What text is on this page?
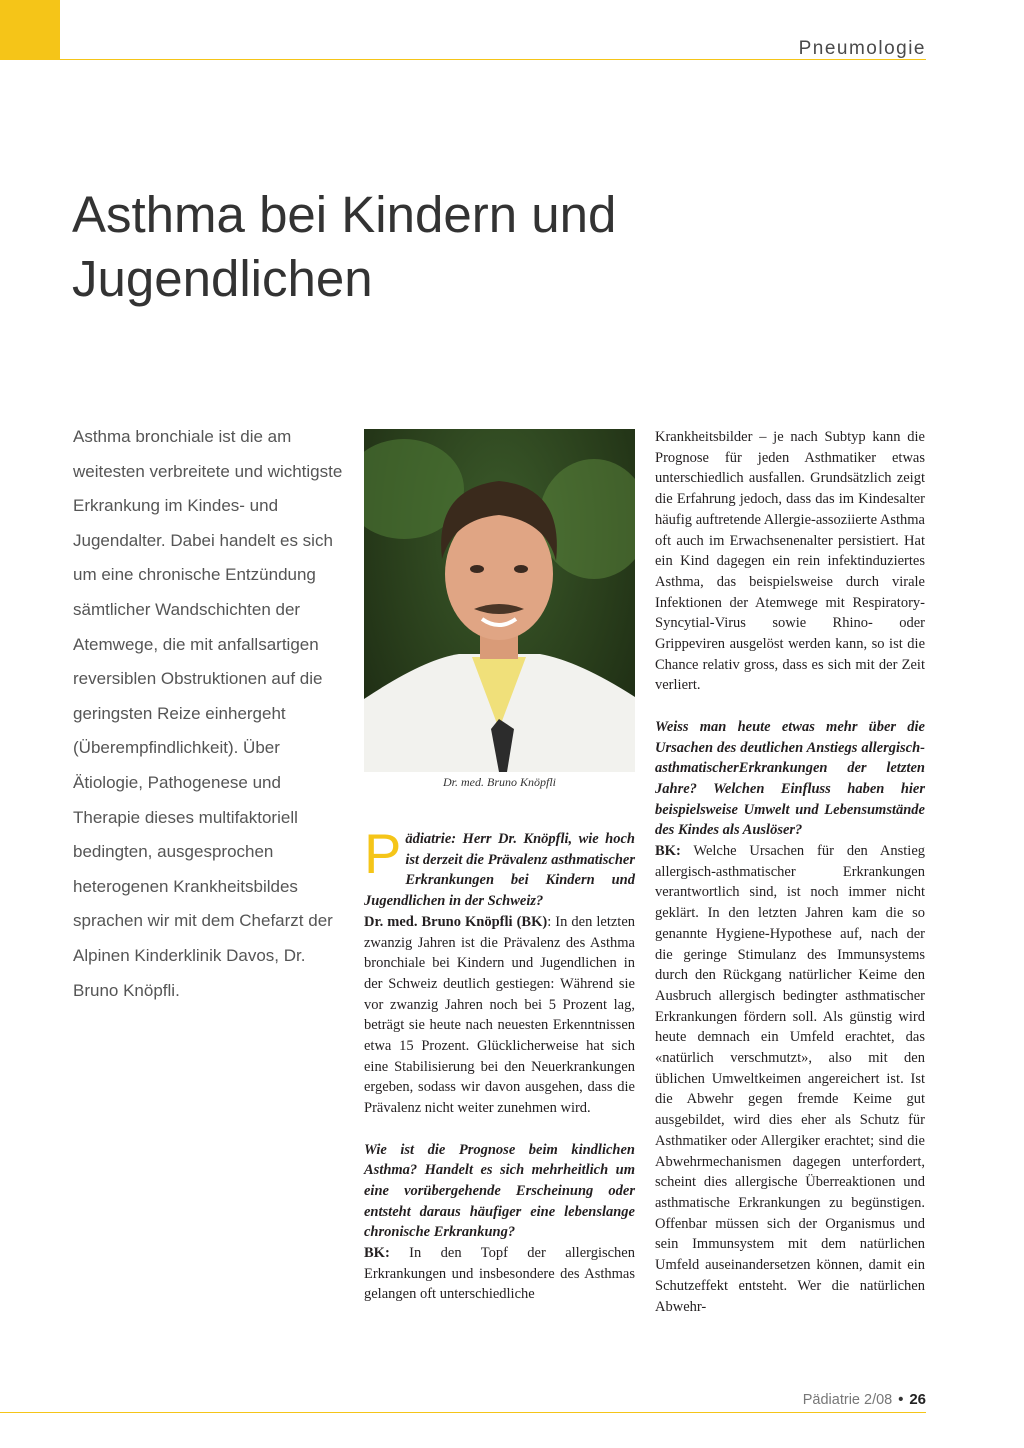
Pneumologie
Asthma bei Kindern und
Jugendlichen

Asthma bronchiale ist die am weitesten verbreitete und wichtigste Erkrankung im Kindes- und Jugendalter. Dabei handelt es sich um eine chronische Entzündung sämtlicher Wandschichten der Atemwege, die mit anfallsartigen reversiblen Obstruktionen auf die geringsten Reize einhergeht (Überempfindlichkeit). Über Ätiologie, Pathogenese und Therapie dieses multifaktoriell bedingten, ausgesprochen heterogenen Krankheitsbildes sprachen wir mit dem Chefarzt der Alpinen Kinderklinik Davos, Dr. Bruno Knöpfli.

Dr. med. Bruno Knöpfli

Pädiatrie: Herr Dr. Knöpfli, wie hoch ist derzeit die Prävalenz asthmatischer Erkrankungen bei Kindern und Jugendlichen in der Schweiz?

Dr. med. Bruno Knöpfli (BK): In den letzten zwanzig Jahren ist die Prävalenz des Asthma bronchiale bei Kindern und Jugendlichen in der Schweiz deutlich gestiegen: Während sie vor zwanzig Jahren noch bei 5 Prozent lag, beträgt sie heute nach neuesten Erkenntnissen etwa 15 Prozent. Glücklicherweise hat sich eine Stabilisierung bei den Neuerkrankungen ergeben, sodass wir davon ausgehen, dass die Prävalenz nicht weiter zunehmen wird.

Wie ist die Prognose beim kindlichen Asthma? Handelt es sich mehrheitlich um eine vorübergehende Erscheinung oder entsteht daraus häufiger eine lebenslange chronische Erkrankung?

BK: In den Topf der allergischen Erkrankungen und insbesondere des Asthmas gelangen oft unterschiedliche

Krankheitsbilder – je nach Subtyp kann die Prognose für jeden Asthmatiker etwas unterschiedlich ausfallen. Grundsätzlich zeigt die Erfahrung jedoch, dass das im Kindesalter häufig auftretende Allergie-assoziierte Asthma oft auch im Erwachsenenalter persistiert. Hat ein Kind dagegen ein rein infektinduziertes Asthma, das beispielsweise durch virale Infektionen der Atemwege mit Respiratory-Syncytial-Virus sowie Rhino- oder Grippeviren ausgelöst werden kann, so ist die Chance relativ gross, dass es sich mit der Zeit verliert.

Weiss man heute etwas mehr über die Ursachen des deutlichen Anstiegs allergisch-asthmatischerErkrankungen der letzten Jahre? Welchen Einfluss haben hier beispielsweise Umwelt und Lebensumstände des Kindes als Auslöser?

BK: Welche Ursachen für den Anstieg allergisch-asthmatischer Erkrankungen verantwortlich sind, ist noch immer nicht geklärt. In den letzten Jahren kam die so genannte Hygiene-Hypothese auf, nach der die geringe Stimulanz des Immunsystems durch den Rückgang natürlicher Keime den Ausbruch allergisch bedingter asthmatischer Erkrankungen fördern soll. Als günstig wird heute demnach ein Umfeld erachtet, das «natürlich verschmutzt», also mit den üblichen Umweltkeimen angereichert ist. Ist die Abwehr gegen fremde Keime gut ausgebildet, wird dies eher als Schutz für Asthmatiker oder Allergiker erachtet; sind die Abwehrmechanismen dagegen unterfordert, scheint dies allergische Überreaktionen und asthmatische Erkrankungen zu begünstigen. Offenbar müssen sich der Organismus und sein Immunsystem mit dem natürlichen Umfeld auseinandersetzen können, damit ein Schutzeffekt entsteht. Wer die natürlichen Abwehr-

Pädiatrie 2/08 • 26
